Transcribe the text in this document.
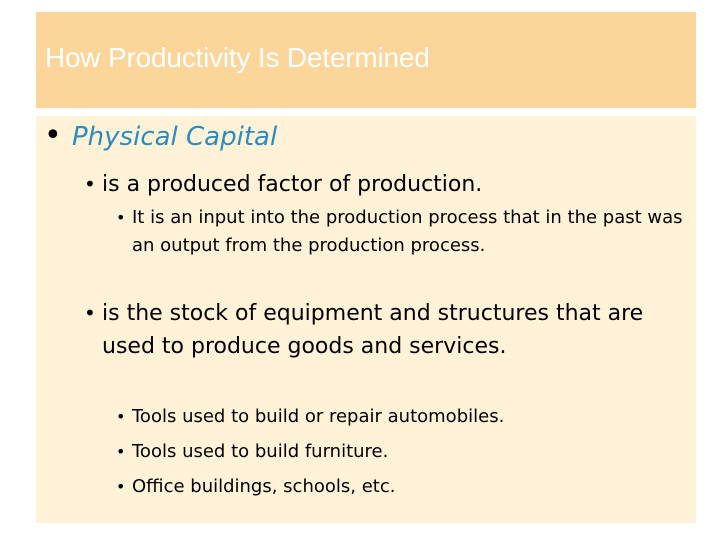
How Productivity Is Determined
• Physical Capital

• is a produced factor of production.

• It is an input into the production process that in the past was an output from the production process.

• is the stock of equipment and structures that are used to produce goods and services.

• Tools used to build or repair automobiles.

• Tools used to build furniture.

• Office buildings, schools, etc.
